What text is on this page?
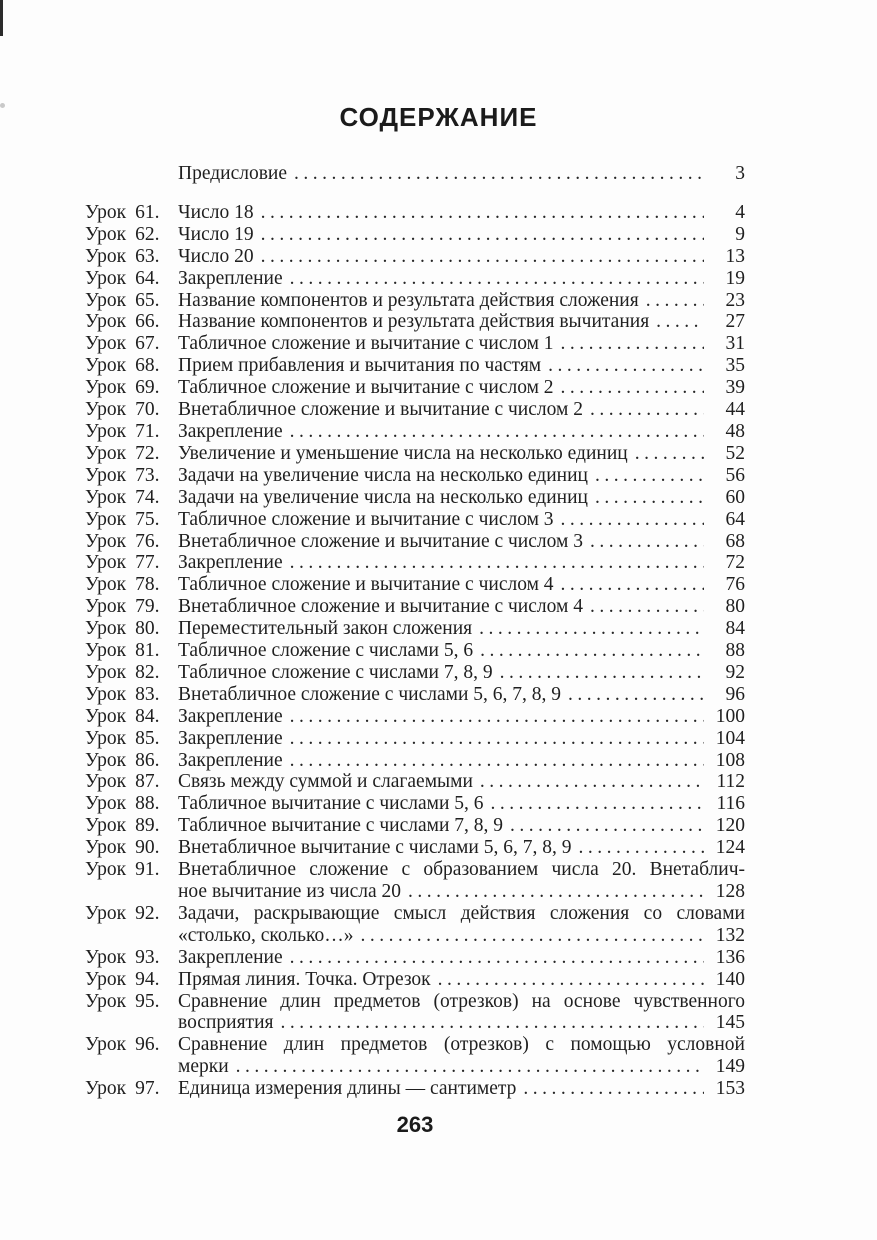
СОДЕРЖАНИЕ
Предисловие .....	3
Урок 61. Число 18 .....	4
Урок 62. Число 19 .....	9
Урок 63. Число 20 .....	13
Урок 64. Закрепление .....	19
Урок 65. Название компонентов и результата действия сложения .....	23
Урок 66. Название компонентов и результата действия вычитания .....	27
Урок 67. Табличное сложение и вычитание с числом 1 .....	31
Урок 68. Прием прибавления и вычитания по частям .....	35
Урок 69. Табличное сложение и вычитание с числом 2 .....	39
Урок 70. Внетабличное сложение и вычитание с числом 2 .....	44
Урок 71. Закрепление .....	48
Урок 72. Увеличение и уменьшение числа на несколько единиц .....	52
Урок 73. Задачи на увеличение числа на несколько единиц .....	56
Урок 74. Задачи на увеличение числа на несколько единиц .....	60
Урок 75. Табличное сложение и вычитание с числом 3 .....	64
Урок 76. Внетабличное сложение и вычитание с числом 3 .....	68
Урок 77. Закрепление .....	72
Урок 78. Табличное сложение и вычитание с числом 4 .....	76
Урок 79. Внетабличное сложение и вычитание с числом 4 .....	80
Урок 80. Переместительный закон сложения .....	84
Урок 81. Табличное сложение с числами 5, 6 .....	88
Урок 82. Табличное сложение с числами 7, 8, 9 .....	92
Урок 83. Внетабличное сложение с числами 5, 6, 7, 8, 9 .....	96
Урок 84. Закрепление .....	100
Урок 85. Закрепление .....	104
Урок 86. Закрепление .....	108
Урок 87. Связь между суммой и слагаемыми .....	112
Урок 88. Табличное вычитание с числами 5, 6 .....	116
Урок 89. Табличное вычитание с числами 7, 8, 9 .....	120
Урок 90. Внетабличное вычитание с числами 5, 6, 7, 8, 9 .....	124
Урок 91. Внетабличное сложение с образованием числа 20. Внетаблич-
ное вычитание из числа 20 .....	128
Урок 92. Задачи, раскрывающие смысл действия сложения со словами
«столько, сколько…» .....	132
Урок 93. Закрепление .....	136
Урок 94. Прямая линия. Точка. Отрезок .....	140
Урок 95. Сравнение длин предметов (отрезков) на основе чувственного
восприятия .....	145
Урок 96. Сравнение длин предметов (отрезков) с помощью условной
мерки .....	149
Урок 97. Единица измерения длины — сантиметр .....	153
263
